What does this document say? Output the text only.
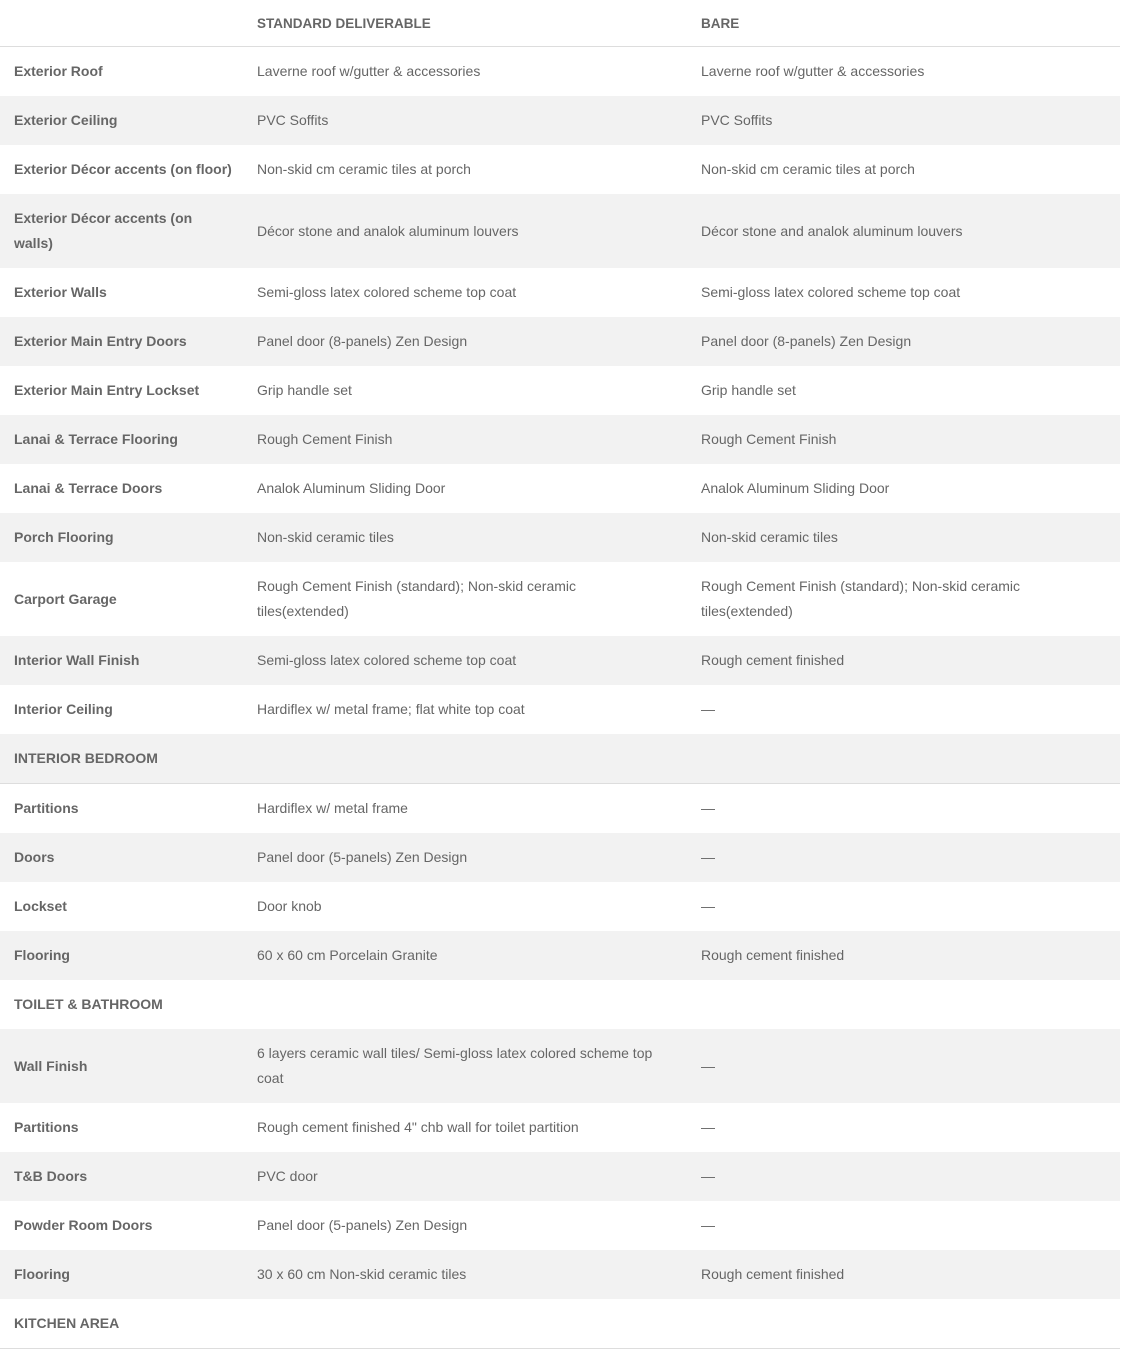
	STANDARD DELIVERABLE	BARE
Exterior Roof	Laverne roof w/gutter & accessories	Laverne roof w/gutter & accessories
Exterior Ceiling	PVC Soffits	PVC Soffits
Exterior Décor accents (on floor)	Non-skid cm ceramic tiles at porch	Non-skid cm ceramic tiles at porch
Exterior Décor accents (on walls)	Décor stone and analok aluminum louvers	Décor stone and analok aluminum louvers
Exterior Walls	Semi-gloss latex colored scheme top coat	Semi-gloss latex colored scheme top coat
Exterior Main Entry Doors	Panel door (8-panels) Zen Design	Panel door (8-panels) Zen Design
Exterior Main Entry Lockset	Grip handle set	Grip handle set
Lanai & Terrace Flooring	Rough Cement Finish	Rough Cement Finish
Lanai & Terrace Doors	Analok Aluminum Sliding Door	Analok Aluminum Sliding Door
Porch Flooring	Non-skid ceramic tiles	Non-skid ceramic tiles
Carport Garage	Rough Cement Finish (standard); Non-skid ceramic tiles(extended)	Rough Cement Finish (standard); Non-skid ceramic tiles(extended)
Interior Wall Finish	Semi-gloss latex colored scheme top coat	Rough cement finished
Interior Ceiling	Hardiflex w/ metal frame; flat white top coat	—
INTERIOR BEDROOM		
Partitions	Hardiflex w/ metal frame	—
Doors	Panel door (5-panels) Zen Design	—
Lockset	Door knob	—
Flooring	60 x 60 cm Porcelain Granite	Rough cement finished
TOILET & BATHROOM		
Wall Finish	6 layers ceramic wall tiles/ Semi-gloss latex colored scheme top coat	—
Partitions	Rough cement finished 4" chb wall for toilet partition	—
T&B Doors	PVC door	—
Powder Room Doors	Panel door (5-panels) Zen Design	—
Flooring	30 x 60 cm Non-skid ceramic tiles	Rough cement finished
KITCHEN AREA		
